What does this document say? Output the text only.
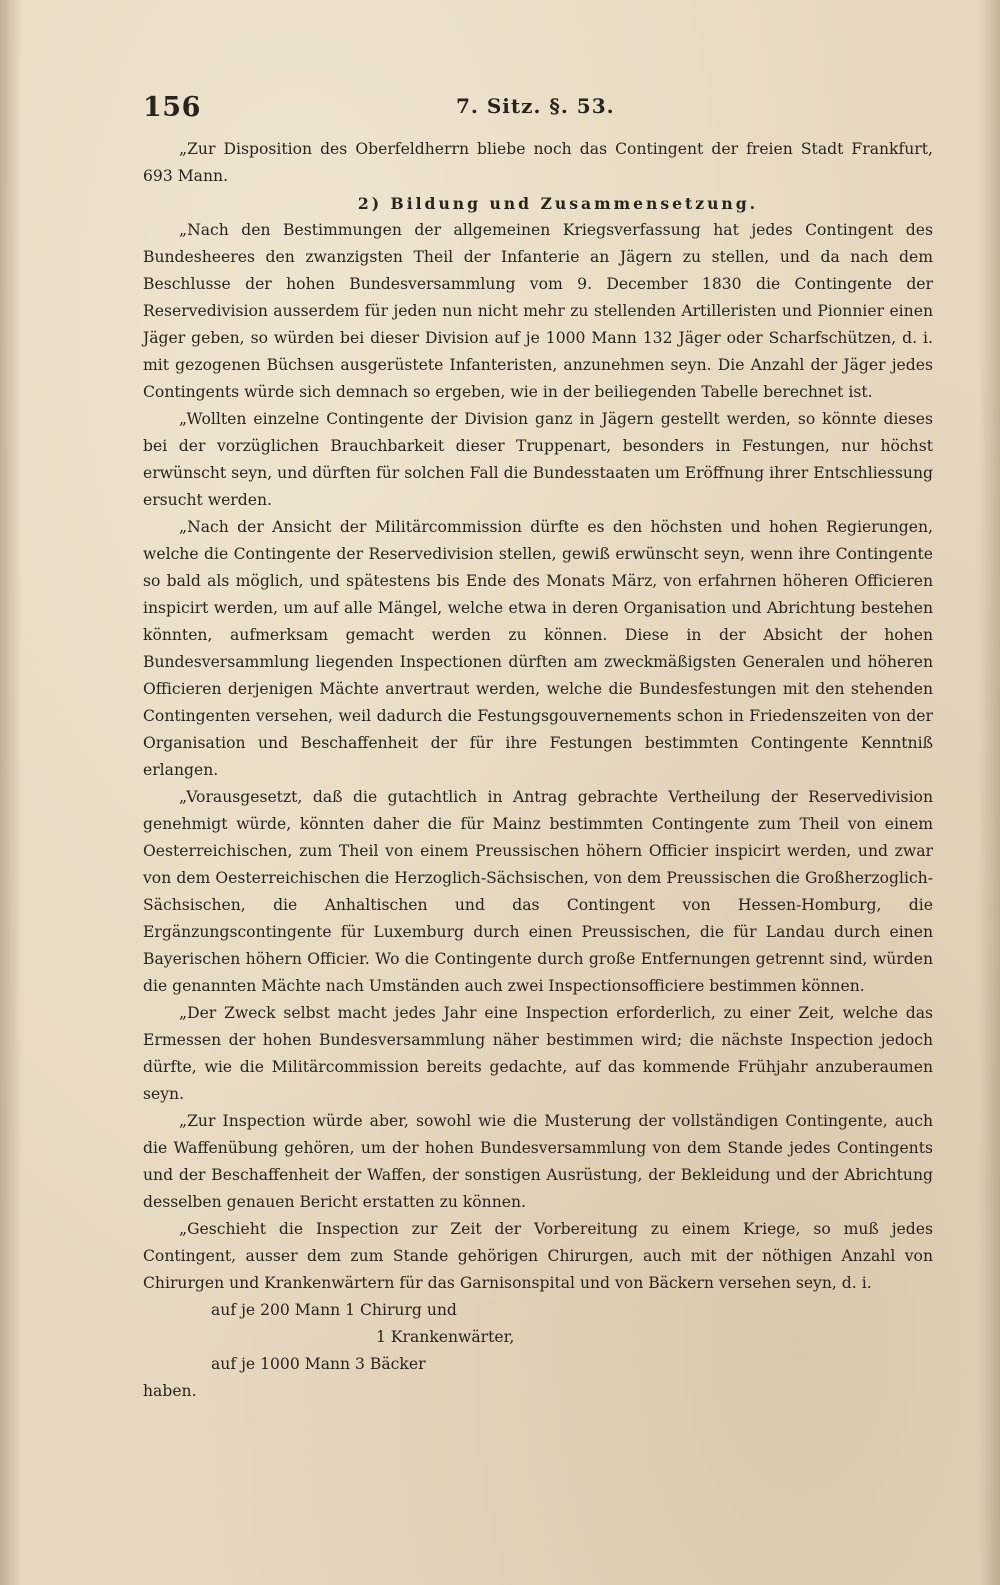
156	7. Sitz. §. 53.

„Zur Disposition des Oberfeldherrn bliebe noch das Contingent der freien Stadt Frankfurt, 693 Mann.

2) Bildung und Zusammensetzung.

„Nach den Bestimmungen der allgemeinen Kriegsverfassung hat jedes Contingent des Bundesheeres den zwanzigsten Theil der Infanterie an Jägern zu stellen, und da nach dem Beschlusse der hohen Bundesversammlung vom 9. December 1830 die Contingente der Reservedivision ausserdem für jeden nun nicht mehr zu stellenden Artilleristen und Pionnier einen Jäger geben, so würden bei dieser Division auf je 1000 Mann 132 Jäger oder Scharfschützen, d. i. mit gezogenen Büchsen ausgerüstete Infanteristen, anzunehmen seyn. Die Anzahl der Jäger jedes Contingents würde sich demnach so ergeben, wie in der beiliegenden Tabelle berechnet ist.

„Wollten einzelne Contingente der Division ganz in Jägern gestellt werden, so könnte dieses bei der vorzüglichen Brauchbarkeit dieser Truppenart, besonders in Festungen, nur höchst erwünscht seyn, und dürften für solchen Fall die Bundesstaaten um Eröffnung ihrer Entschliessung ersucht werden.

„Nach der Ansicht der Militärcommission dürfte es den höchsten und hohen Regierungen, welche die Contingente der Reservedivision stellen, gewiß erwünscht seyn, wenn ihre Contingente so bald als möglich, und spätestens bis Ende des Monats März, von erfahrnen höheren Officieren inspicirt werden, um auf alle Mängel, welche etwa in deren Organisation und Abrichtung bestehen könnten, aufmerksam gemacht werden zu können. Diese in der Absicht der hohen Bundesversammlung liegenden Inspectionen dürften am zweckmäßigsten Generalen und höheren Officieren derjenigen Mächte anvertraut werden, welche die Bundesfestungen mit den stehenden Contingenten versehen, weil dadurch die Festungsgouvernements schon in Friedenszeiten von der Organisation und Beschaffenheit der für ihre Festungen bestimmten Contingente Kenntniß erlangen.

„Vorausgesetzt, daß die gutachtlich in Antrag gebrachte Vertheilung der Reservedivision genehmigt würde, könnten daher die für Mainz bestimmten Contingente zum Theil von einem Oesterreichischen, zum Theil von einem Preussischen höhern Officier inspicirt werden, und zwar von dem Oesterreichischen die Herzoglich-Sächsischen, von dem Preussischen die Großherzoglich-Sächsischen, die Anhaltischen und das Contingent von Hessen-Homburg, die Ergänzungscontingente für Luxemburg durch einen Preussischen, die für Landau durch einen Bayerischen höhern Officier. Wo die Contingente durch große Entfernungen getrennt sind, würden die genannten Mächte nach Umständen auch zwei Inspectionsofficiere bestimmen können.

„Der Zweck selbst macht jedes Jahr eine Inspection erforderlich, zu einer Zeit, welche das Ermessen der hohen Bundesversammlung näher bestimmen wird; die nächste Inspection jedoch dürfte, wie die Militärcommission bereits gedachte, auf das kommende Frühjahr anzuberaumen seyn.

„Zur Inspection würde aber, sowohl wie die Musterung der vollständigen Contingente, auch die Waffenübung gehören, um der hohen Bundesversammlung von dem Stande jedes Contingents und der Beschaffenheit der Waffen, der sonstigen Ausrüstung, der Bekleidung und der Abrichtung desselben genauen Bericht erstatten zu können.

„Geschieht die Inspection zur Zeit der Vorbereitung zu einem Kriege, so muß jedes Contingent, ausser dem zum Stande gehörigen Chirurgen, auch mit der nöthigen Anzahl von Chirurgen und Krankenwärtern für das Garnisonspital und von Bäckern versehen seyn, d. i.

auf je 200 Mann 1 Chirurg und
1 Krankenwärter,
auf je 1000 Mann 3 Bäcker

haben.
